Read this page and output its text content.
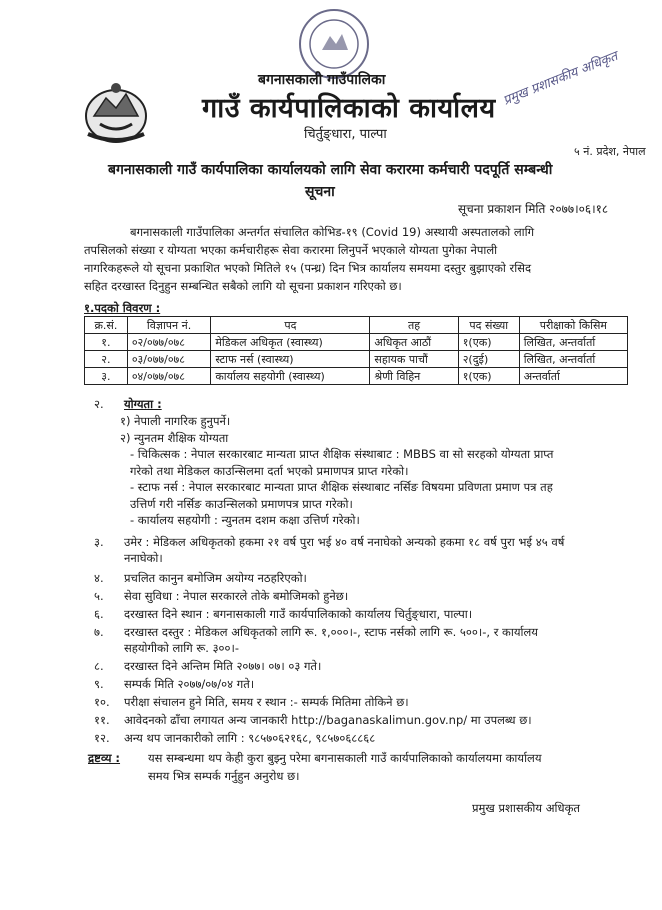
बगनासकाली गाउँपालिका
गाउँ कार्यपालिकाको कार्यालय
चिर्तुङ्धारा, पाल्पा
५ नं. प्रदेश, नेपाल
प्रमुख प्रशासकीय अधिकृत
बगनासकाली गाउँ कार्यपालिका कार्यालयको लागि सेवा करारमा कर्मचारी पदपूर्ति सम्बन्धी
सूचना
सूचना प्रकाशन मिति २०७७।०६।१८
बगनासकाली गाउँपालिका अन्तर्गत संचालित कोभिड-१९ (Covid 19) अस्थायी अस्पतालको लागि
तपसिलको संख्या र योग्यता भएका कर्मचारीहरू सेवा करारमा लिनुपर्ने भएकाले योग्यता पुगेका नेपाली
नागरिकहरूले यो सूचना प्रकाशित भएको मितिले १५ (पन्ध्र) दिन भित्र कार्यालय समयमा दस्तुर बुझाएको रसिद
सहित दरखास्त दिनुहुन सम्बन्धित सबैको लागि यो सूचना प्रकाशन गरिएको छ।
१.पदको विवरण :
क्र.सं.	विज्ञापन नं.	पद	तह	पद संख्या	परीक्षाको किसिम
१.	०२/०७७/०७८	मेडिकल अधिकृत (स्वास्थ्य)	अधिकृत आठौं	१(एक)	लिखित, अन्तर्वार्ता
२.	०३/०७७/०७८	स्टाफ नर्स (स्वास्थ्य)	सहायक पाचौं	२(दुई)	लिखित, अन्तर्वार्ता
३.	०४/०७७/०७८	कार्यालय सहयोगी (स्वास्थ्य)	श्रेणी विहिन	१(एक)	अन्तर्वार्ता
२. योग्यता :
१) नेपाली नागरिक हुनुपर्ने।
२) न्युनतम शैक्षिक योग्यता
- चिकित्सक : नेपाल सरकारबाट मान्यता प्राप्त शैक्षिक संस्थाबाट : MBBS वा सो सरहको योग्यता प्राप्त
गरेको तथा मेडिकल काउन्सिलमा दर्ता भएको प्रमाणपत्र प्राप्त गरेको।
- स्टाफ नर्स : नेपाल सरकारबाट मान्यता प्राप्त शैक्षिक संस्थाबाट नर्सिङ विषयमा प्रविणता प्रमाण पत्र तह
उत्तिर्ण गरी नर्सिङ काउन्सिलको प्रमाणपत्र प्राप्त गरेको।
- कार्यालय सहयोगी : न्युनतम दशम कक्षा उत्तिर्ण गरेको।
३. उमेर : मेडिकल अधिकृतको हकमा २१ वर्ष पुरा भई ४० वर्ष ननाघेको अन्यको हकमा १८ वर्ष पुरा भई ४५ वर्ष
ननाघेको।
४. प्रचलित कानुन बमोजिम अयोग्य नठहरिएको।
५. सेवा सुविधा : नेपाल सरकारले तोके बमोजिमको हुनेछ।
६. दरखास्त दिने स्थान : बगनासकाली गाउँ कार्यपालिकाको कार्यालय चिर्तुङ्धारा, पाल्पा।
७. दरखास्त दस्तुर : मेडिकल अधिकृतको लागि रू. १,०००।-, स्टाफ नर्सको लागि रू. ५००।-, र कार्यालय
सहयोगीको लागि रू. ३००।-
८. दरखास्त दिने अन्तिम मिति २०७७। ०७। ०३ गते।
९. सम्पर्क मिति २०७७/०७/०४ गते।
१०. परीक्षा संचालन हुने मिति, समय र स्थान :- सम्पर्क मितिमा तोकिने छ।
११. आवेदनको ढाँचा लगायत अन्य जानकारी http://baganaskalimun.gov.np/ मा उपलब्ध छ।
१२. अन्य थप जानकारीको लागि : ९८५७०६२१६८, ९८५७०६८८६८
द्रष्टव्य : यस सम्बन्धमा थप केही कुरा बुझ्नु परेमा बगनासकाली गाउँ कार्यपालिकाको कार्यालयमा कार्यालय
समय भित्र सम्पर्क गर्नुहुन अनुरोध छ।
प्रमुख प्रशासकीय अधिकृत
